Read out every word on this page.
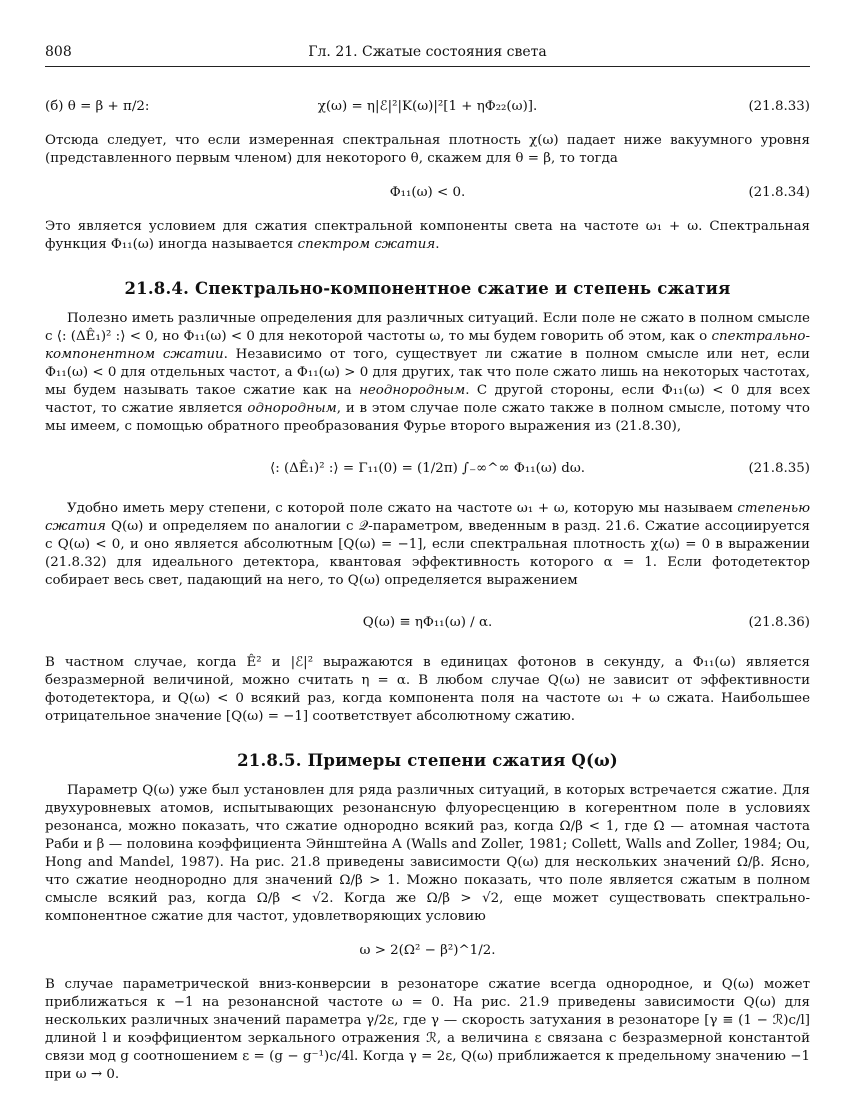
808	Гл. 21. Сжатые состояния света
(б) θ = β + π/2:	χ(ω) = η|ℰ|²|K(ω)|²[1 + ηΦ₂₂(ω)].	(21.8.33)

Отсюда следует, что если измеренная спектральная плотность χ(ω) падает ниже вакуумного уровня (представленного первым членом) для некоторого θ, скажем для θ = β, то тогда

Φ₁₁(ω) < 0.	(21.8.34)

Это является условием для сжатия спектральной компоненты света на частоте ω₁ + ω. Спектральная функция Φ₁₁(ω) иногда называется спектром сжатия.

21.8.4. Спектрально-компонентное сжатие и степень сжатия

Полезно иметь различные определения для различных ситуаций. Если поле не сжато в полном смысле с ⟨: (ΔÊ₁)² :⟩ < 0, но Φ₁₁(ω) < 0 для некоторой частоты ω, то мы будем говорить об этом, как о спектрально-компонентном сжатии. Независимо от того, существует ли сжатие в полном смысле или нет, если Φ₁₁(ω) < 0 для отдельных частот, а Φ₁₁(ω) > 0 для других, так что поле сжато лишь на некоторых частотах, мы будем называть такое сжатие как на неоднородным. С другой стороны, если Φ₁₁(ω) < 0 для всех частот, то сжатие является однородным, и в этом случае поле сжато также в полном смысле, потому что мы имеем, с помощью обратного преобразования Фурье второго выражения из (21.8.30),

⟨: (ΔÊ₁)² :⟩ = Γ₁₁(0) = (1/2π) ∫₋∞^∞ Φ₁₁(ω) dω.	(21.8.35)

Удобно иметь меру степени, с которой поле сжато на частоте ω₁ + ω, которую мы называем степенью сжатия Q(ω) и определяем по аналогии с 𝒬-параметром, введенным в разд. 21.6. Сжатие ассоциируется с Q(ω) < 0, и оно является абсолютным [Q(ω) = −1], если спектральная плотность χ(ω) = 0 в выражении (21.8.32) для идеального детектора, квантовая эффективность которого α = 1. Если фотодетектор собирает весь свет, падающий на него, то Q(ω) определяется выражением

Q(ω) ≡ ηΦ₁₁(ω) / α.	(21.8.36)

В частном случае, когда Ê² и |ℰ|² выражаются в единицах фотонов в секунду, а Φ₁₁(ω) является безразмерной величиной, можно считать η = α. В любом случае Q(ω) не зависит от эффективности фотодетектора, и Q(ω) < 0 всякий раз, когда компонента поля на частоте ω₁ + ω сжата. Наибольшее отрицательное значение [Q(ω) = −1] соответствует абсолютному сжатию.

21.8.5. Примеры степени сжатия Q(ω)

Параметр Q(ω) уже был установлен для ряда различных ситуаций, в которых встречается сжатие. Для двухуровневых атомов, испытывающих резонансную флуоресценцию в когерентном поле в условиях резонанса, можно показать, что сжатие однородно всякий раз, когда Ω/β < 1, где Ω — атомная частота Раби и β — половина коэффициента Эйнштейна A (Walls and Zoller, 1981; Collett, Walls and Zoller, 1984; Ou, Hong and Mandel, 1987). На рис. 21.8 приведены зависимости Q(ω) для нескольких значений Ω/β. Ясно, что сжатие неоднородно для значений Ω/β > 1. Можно показать, что поле является сжатым в полном смысле всякий раз, когда Ω/β < √2. Когда же Ω/β > √2, еще может существовать спектрально-компонентное сжатие для частот, удовлетворяющих условию

ω > 2(Ω² − β²)^1/2.

В случае параметрической вниз-конверсии в резонаторе сжатие всегда однородное, и Q(ω) может приближаться к −1 на резонансной частоте ω = 0. На рис. 21.9 приведены зависимости Q(ω) для нескольких различных значений параметра γ/2ε, где γ — скорость затухания в резонаторе [γ ≡ (1 − ℛ)c/l] длиной l и коэффициентом зеркального отражения ℛ, а величина ε связана с безразмерной константой связи мод g соотношением ε = (g − g⁻¹)c/4l. Когда γ = 2ε, Q(ω) приближается к предельному значению −1 при ω → 0.
